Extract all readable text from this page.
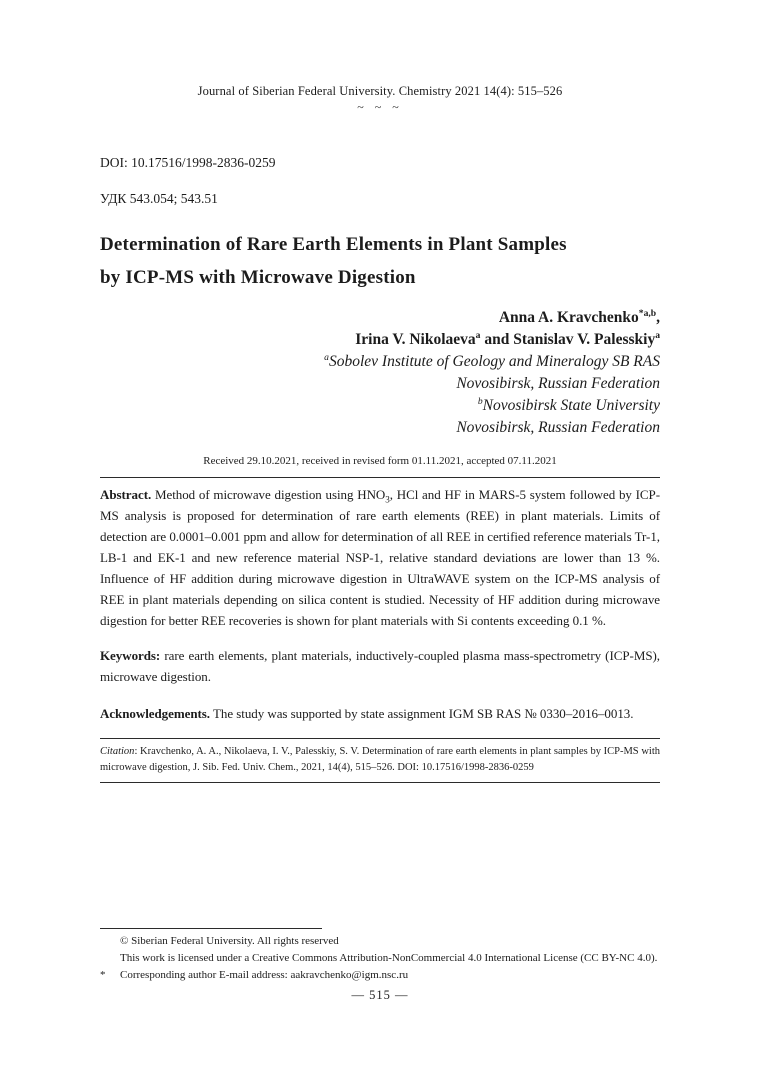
Journal of Siberian Federal University. Chemistry 2021 14(4): 515–526
~ ~ ~
DOI: 10.17516/1998-2836-0259
УДК 543.054; 543.51
Determination of Rare Earth Elements in Plant Samples
by ICP-MS with Microwave Digestion
Anna A. Kravchenko$^{*a,b}$,
Irina V. Nikolaeva$^a$ and Stanislav V. Palesskiy$^a$
$^a$Sobolev Institute of Geology and Mineralogy SB RAS
Novosibirsk, Russian Federation
$^b$Novosibirsk State University
Novosibirsk, Russian Federation
Received 29.10.2021, received in revised form 01.11.2021, accepted 07.11.2021

Abstract. Method of microwave digestion using $HNO_3$, HCl and HF in MARS-5 system followed by ICP-MS analysis is proposed for determination of rare earth elements (REE) in plant materials. Limits of detection are 0.0001–0.001 ppm and allow for determination of all REE in certified reference materials Tr-1, LB-1 and EK-1 and new reference material NSP-1, relative standard deviations are lower than 13 %. Influence of HF addition during microwave digestion in UltraWAVE system on the ICP-MS analysis of REE in plant materials depending on silica content is studied. Necessity of HF addition during microwave digestion for better REE recoveries is shown for plant materials with Si contents exceeding 0.1 %.

Keywords: rare earth elements, plant materials, inductively-coupled plasma mass-spectrometry (ICP-MS), microwave digestion.

Acknowledgements. The study was supported by state assignment IGM SB RAS № 0330–2016–0013.

Citation: Kravchenko, A. A., Nikolaeva, I. V., Palesskiy, S. V. Determination of rare earth elements in plant samples by ICP-MS with microwave digestion, J. Sib. Fed. Univ. Chem., 2021, 14(4), 515–526. DOI: 10.17516/1998-2836-0259
© Siberian Federal University. All rights reserved
This work is licensed under a Creative Commons Attribution-NonCommercial 4.0 International License (CC BY-NC 4.0).
* Corresponding author E-mail address: aakravchenko@igm.nsc.ru
— 515 —
